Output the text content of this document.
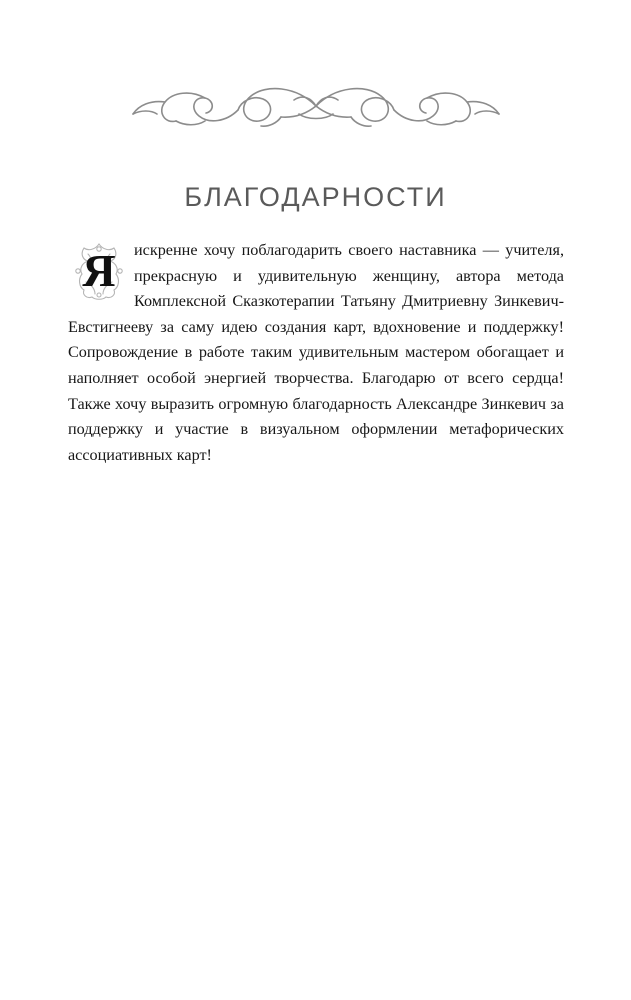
БЛАГОДАРНОСТИ
Я	искренне хочу поблагодарить своего наставника — учителя, прекрасную и удивительную женщину, автора метода Комплексной Сказкотерапии Татьяну Дмитриевну Зинкевич-Евстигнееву за саму идею создания карт, вдохновение и поддержку! Сопровождение в работе таким удивительным мастером обогащает и наполняет особой энергией творчества. Благодарю от всего сердца! Также хочу выразить огромную благодарность Александре Зинкевич за поддержку и участие в визуальном оформлении метафорических ассоциативных карт!
